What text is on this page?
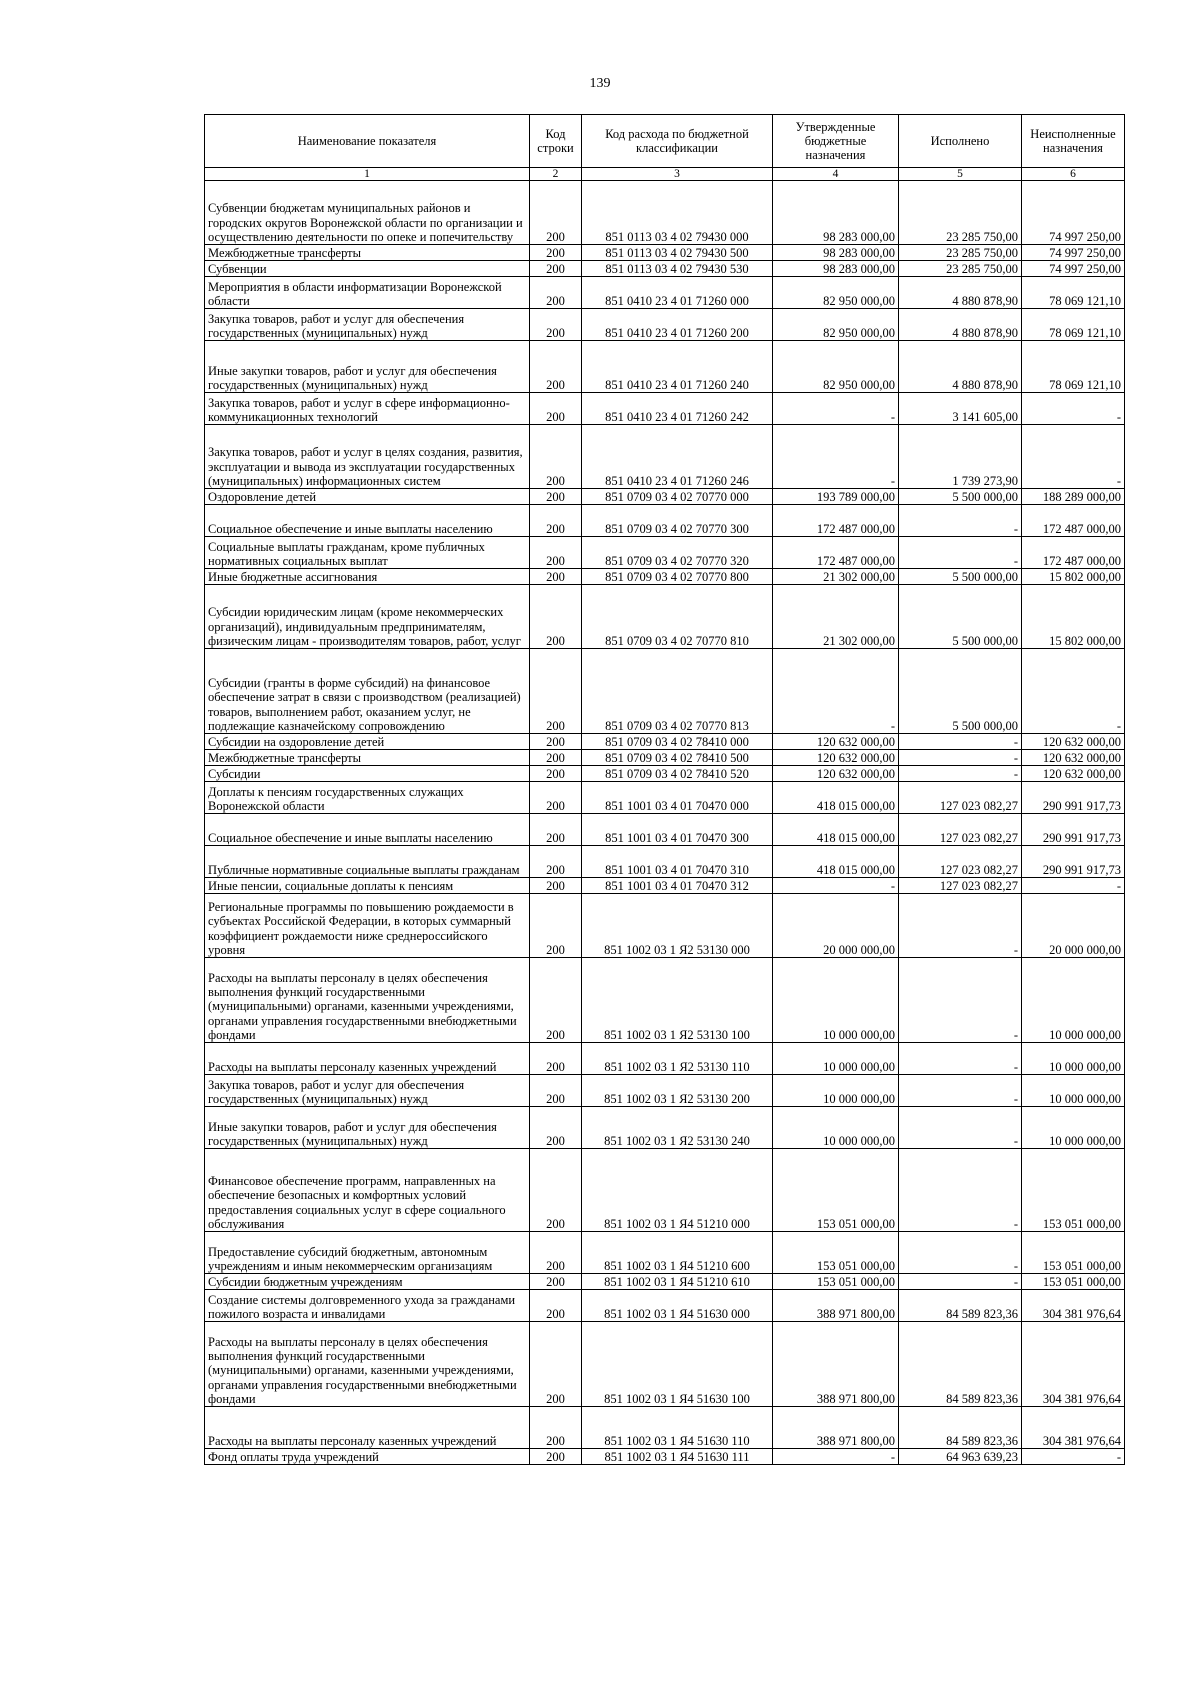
139
Наименование показателя	Код строки	Код расхода по бюджетной классификации	Утвержденные бюджетные назначения	Исполнено	Неисполненные назначения
1	2	3	4	5	6
Субвенции бюджетам муниципальных районов и городских округов Воронежской области по организации и осуществлению деятельности по опеке и попечительству	200	851 0113 03 4 02 79430 000	98 283 000,00	23 285 750,00	74 997 250,00
Межбюджетные трансферты	200	851 0113 03 4 02 79430 500	98 283 000,00	23 285 750,00	74 997 250,00
Субвенции	200	851 0113 03 4 02 79430 530	98 283 000,00	23 285 750,00	74 997 250,00
Мероприятия в области информатизации Воронежской области	200	851 0410 23 4 01 71260 000	82 950 000,00	4 880 878,90	78 069 121,10
Закупка товаров, работ и услуг для обеспечения государственных (муниципальных) нужд	200	851 0410 23 4 01 71260 200	82 950 000,00	4 880 878,90	78 069 121,10
Иные закупки товаров, работ и услуг для обеспечения государственных (муниципальных) нужд	200	851 0410 23 4 01 71260 240	82 950 000,00	4 880 878,90	78 069 121,10
Закупка товаров, работ и услуг в сфере информационно-коммуникационных технологий	200	851 0410 23 4 01 71260 242	-	3 141 605,00	-
Закупка товаров, работ и услуг в целях создания, развития, эксплуатации и вывода из эксплуатации государственных (муниципальных) информационных систем	200	851 0410 23 4 01 71260 246	-	1 739 273,90	-
Оздоровление детей	200	851 0709 03 4 02 70770 000	193 789 000,00	5 500 000,00	188 289 000,00
Социальное обеспечение и иные выплаты населению	200	851 0709 03 4 02 70770 300	172 487 000,00	-	172 487 000,00
Социальные выплаты гражданам, кроме публичных нормативных социальных выплат	200	851 0709 03 4 02 70770 320	172 487 000,00	-	172 487 000,00
Иные бюджетные ассигнования	200	851 0709 03 4 02 70770 800	21 302 000,00	5 500 000,00	15 802 000,00
Субсидии юридическим лицам (кроме некоммерческих организаций), индивидуальным предпринимателям, физическим лицам - производителям товаров, работ, услуг	200	851 0709 03 4 02 70770 810	21 302 000,00	5 500 000,00	15 802 000,00
Субсидии (гранты в форме субсидий) на финансовое обеспечение затрат в связи с производством (реализацией) товаров, выполнением работ, оказанием услуг, не подлежащие казначейскому сопровождению	200	851 0709 03 4 02 70770 813	-	5 500 000,00	-
Субсидии на оздоровление детей	200	851 0709 03 4 02 78410 000	120 632 000,00	-	120 632 000,00
Межбюджетные трансферты	200	851 0709 03 4 02 78410 500	120 632 000,00	-	120 632 000,00
Субсидии	200	851 0709 03 4 02 78410 520	120 632 000,00	-	120 632 000,00
Доплаты к пенсиям государственных служащих Воронежской области	200	851 1001 03 4 01 70470 000	418 015 000,00	127 023 082,27	290 991 917,73
Социальное обеспечение и иные выплаты населению	200	851 1001 03 4 01 70470 300	418 015 000,00	127 023 082,27	290 991 917,73
Публичные нормативные социальные выплаты гражданам	200	851 1001 03 4 01 70470 310	418 015 000,00	127 023 082,27	290 991 917,73
Иные пенсии, социальные доплаты к пенсиям	200	851 1001 03 4 01 70470 312	-	127 023 082,27	-
Региональные программы по повышению рождаемости в субъектах Российской Федерации, в которых суммарный коэффициент рождаемости ниже среднероссийского уровня	200	851 1002 03 1 Я2 53130 000	20 000 000,00	-	20 000 000,00
Расходы на выплаты персоналу в целях обеспечения выполнения функций государственными (муниципальными) органами, казенными учреждениями, органами управления государственными внебюджетными фондами	200	851 1002 03 1 Я2 53130 100	10 000 000,00	-	10 000 000,00
Расходы на выплаты персоналу казенных учреждений	200	851 1002 03 1 Я2 53130 110	10 000 000,00	-	10 000 000,00
Закупка товаров, работ и услуг для обеспечения государственных (муниципальных) нужд	200	851 1002 03 1 Я2 53130 200	10 000 000,00	-	10 000 000,00
Иные закупки товаров, работ и услуг для обеспечения государственных (муниципальных) нужд	200	851 1002 03 1 Я2 53130 240	10 000 000,00	-	10 000 000,00
Финансовое обеспечение программ, направленных на обеспечение безопасных и комфортных условий предоставления социальных услуг в сфере социального обслуживания	200	851 1002 03 1 Я4 51210 000	153 051 000,00	-	153 051 000,00
Предоставление субсидий бюджетным, автономным учреждениям и иным некоммерческим организациям	200	851 1002 03 1 Я4 51210 600	153 051 000,00	-	153 051 000,00
Субсидии бюджетным учреждениям	200	851 1002 03 1 Я4 51210 610	153 051 000,00	-	153 051 000,00
Создание системы долговременного ухода за гражданами пожилого возраста и инвалидами	200	851 1002 03 1 Я4 51630 000	388 971 800,00	84 589 823,36	304 381 976,64
Расходы на выплаты персоналу в целях обеспечения выполнения функций государственными (муниципальными) органами, казенными учреждениями, органами управления государственными внебюджетными фондами	200	851 1002 03 1 Я4 51630 100	388 971 800,00	84 589 823,36	304 381 976,64
Расходы на выплаты персоналу казенных учреждений	200	851 1002 03 1 Я4 51630 110	388 971 800,00	84 589 823,36	304 381 976,64
Фонд оплаты труда учреждений	200	851 1002 03 1 Я4 51630 111	-	64 963 639,23	-
